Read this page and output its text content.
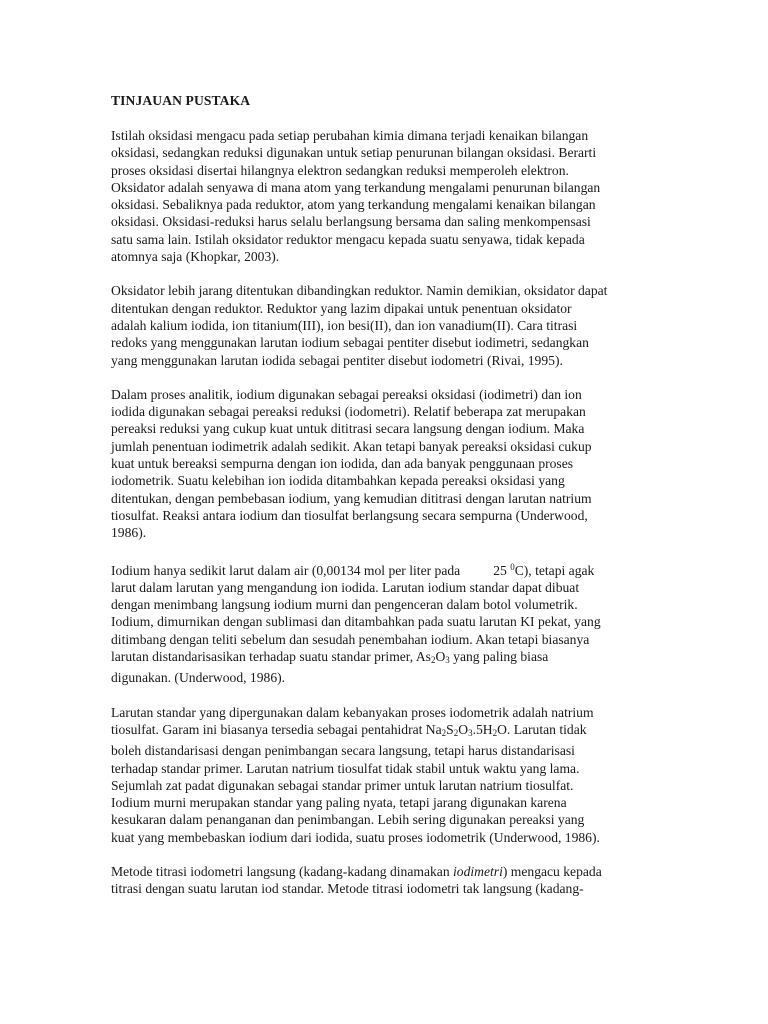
TINJAUAN PUSTAKA
Istilah oksidasi mengacu pada setiap perubahan kimia dimana terjadi kenaikan bilangan
oksidasi, sedangkan reduksi digunakan untuk setiap penurunan bilangan oksidasi. Berarti
proses oksidasi disertai hilangnya elektron sedangkan reduksi memperoleh elektron.
Oksidator adalah senyawa di mana atom yang terkandung mengalami penurunan bilangan
oksidasi. Sebaliknya pada reduktor, atom yang terkandung mengalami kenaikan bilangan
oksidasi. Oksidasi-reduksi harus selalu berlangsung bersama dan saling menkompensasi
satu sama lain. Istilah oksidator reduktor mengacu kepada suatu senyawa, tidak kepada
atomnya saja (Khopkar, 2003).
Oksidator lebih jarang ditentukan dibandingkan reduktor. Namin demikian, oksidator dapat
ditentukan dengan reduktor. Reduktor yang lazim dipakai untuk penentuan oksidator
adalah kalium iodida, ion titanium(III), ion besi(II), dan ion vanadium(II). Cara titrasi
redoks yang menggunakan larutan iodium sebagai pentiter disebut iodimetri, sedangkan
yang menggunakan larutan iodida sebagai pentiter disebut iodometri (Rivai, 1995).
Dalam proses analitik, iodium digunakan sebagai pereaksi oksidasi (iodimetri) dan ion
iodida digunakan sebagai pereaksi reduksi (iodometri). Relatif beberapa zat merupakan
pereaksi reduksi yang cukup kuat untuk dititrasi secara langsung dengan iodium. Maka
jumlah penentuan iodimetrik adalah sedikit. Akan tetapi banyak pereaksi oksidasi cukup
kuat untuk bereaksi sempurna dengan ion iodida, dan ada banyak penggunaan proses
iodometrik. Suatu kelebihan ion iodida ditambahkan kepada pereaksi oksidasi yang
ditentukan, dengan pembebasan iodium, yang kemudian dititrasi dengan larutan natrium
tiosulfat. Reaksi antara iodium dan tiosulfat berlangsung secara sempurna (Underwood,
1986).
Iodium hanya sedikit larut dalam air (0,00134 mol per liter pada 25 $^0$C), tetapi agak
larut dalam larutan yang mengandung ion iodida. Larutan iodium standar dapat dibuat
dengan menimbang langsung iodium murni dan pengenceran dalam botol volumetrik.
Iodium, dimurnikan dengan sublimasi dan ditambahkan pada suatu larutan KI pekat, yang
ditimbang dengan teliti sebelum dan sesudah penembahan iodium. Akan tetapi biasanya
larutan distandarisasikan terhadap suatu standar primer, $As_2O_3$ yang paling biasa
digunakan. (Underwood, 1986).
Larutan standar yang dipergunakan dalam kebanyakan proses iodometrik adalah natrium
tiosulfat. Garam ini biasanya tersedia sebagai pentahidrat $Na_2S_2O_3.5H_2O$. Larutan tidak
boleh distandarisasi dengan penimbangan secara langsung, tetapi harus distandarisasi
terhadap standar primer. Larutan natrium tiosulfat tidak stabil untuk waktu yang lama.
Sejumlah zat padat digunakan sebagai standar primer untuk larutan natrium tiosulfat.
Iodium murni merupakan standar yang paling nyata, tetapi jarang digunakan karena
kesukaran dalam penanganan dan penimbangan. Lebih sering digunakan pereaksi yang
kuat yang membebaskan iodium dari iodida, suatu proses iodometrik (Underwood, 1986).
Metode titrasi iodometri langsung (kadang-kadang dinamakan iodimetri) mengacu kepada
titrasi dengan suatu larutan iod standar. Metode titrasi iodometri tak langsung (kadang-
